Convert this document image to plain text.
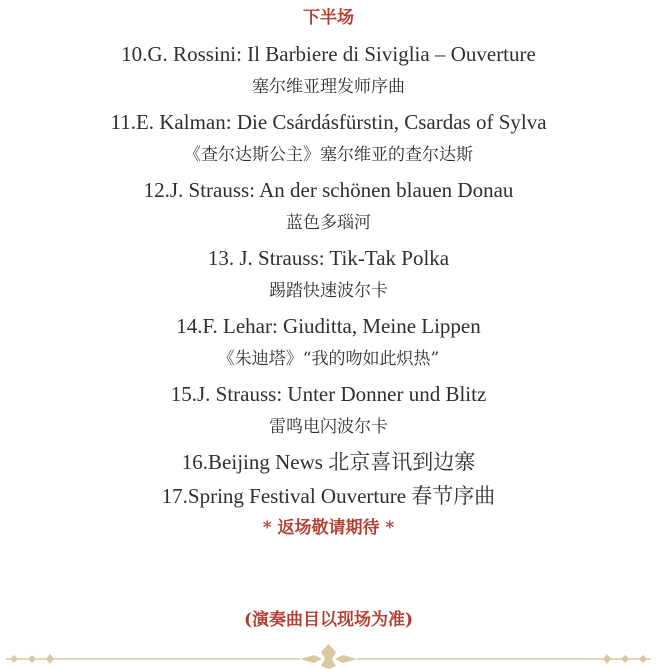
下半场
10.G. Rossini: Il Barbiere di Siviglia – Ouverture
塞尔维亚理发师序曲
11.E. Kalman: Die Csárdásfürstin, Csardas of Sylva
《查尔达斯公主》塞尔维亚的查尔达斯
12.J. Strauss: An der schönen blauen Donau
蓝色多瑙河
13. J. Strauss: Tik-Tak Polka
踢踏快速波尔卡
14.F. Lehar: Giuditta, Meine Lippen
《朱迪塔》“我的吻如此炽热”
15.J. Strauss: Unter Donner und Blitz
雷鸣电闪波尔卡
16.Beijing News 北京喜讯到边寨
17.Spring Festival Ouverture 春节序曲
* 返场敬请期待 *
(演奏曲目以现场为准)
